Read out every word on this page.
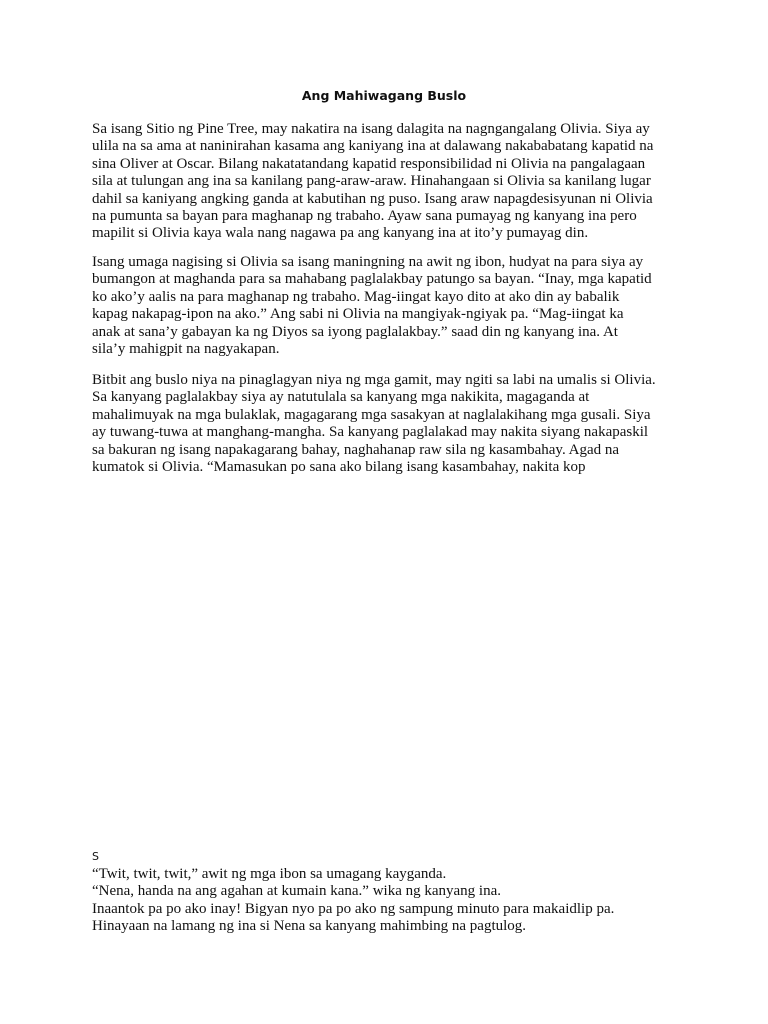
Ang Mahiwagang Buslo
Sa isang Sitio ng Pine Tree, may nakatira na isang dalagita na nagngangalang Olivia. Siya ay
ulila na sa ama at naninirahan kasama ang kaniyang ina at dalawang nakababatang kapatid na
sina Oliver at Oscar. Bilang nakatatandang kapatid responsibilidad ni Olivia na pangalagaan
sila at tulungan ang ina sa kanilang pang-araw-araw. Hinahangaan si Olivia sa kanilang lugar
dahil sa kaniyang angking ganda at kabutihan ng puso. Isang araw napagdesisyunan ni Olivia
na pumunta sa bayan para maghanap ng trabaho. Ayaw sana pumayag ng kanyang ina pero
mapilit si Olivia kaya wala nang nagawa pa ang kanyang ina at ito’y pumayag din.
Isang umaga nagising si Olivia sa isang maningning na awit ng ibon, hudyat na para siya ay
bumangon at maghanda para sa mahabang paglalakbay patungo sa bayan. “Inay, mga kapatid
ko ako’y aalis na para maghanap ng trabaho. Mag-iingat kayo dito at ako din ay babalik
kapag nakapag-ipon na ako.” Ang sabi ni Olivia na mangiyak-ngiyak pa. “Mag-iingat ka
anak at sana’y gabayan ka ng Diyos sa iyong paglalakbay.” saad din ng kanyang ina. At
sila’y mahigpit na nagyakapan.
Bitbit ang buslo niya na pinaglagyan niya ng mga gamit, may ngiti sa labi na umalis si Olivia.
Sa kanyang paglalakbay siya ay natutulala sa kanyang mga nakikita, magaganda at
mahalimuyak na mga bulaklak, magagarang mga sasakyan at naglalakihang mga gusali. Siya
ay tuwang-tuwa at manghang-mangha. Sa kanyang paglalakad may nakita siyang nakapaskil
sa bakuran ng isang napakagarang bahay, naghahanap raw sila ng kasambahay. Agad na
kumatok si Olivia. “Mamasukan po sana ako bilang isang kasambahay, nakita kop
S
“Twit, twit, twit,” awit ng mga ibon sa umagang kayganda.
“Nena, handa na ang agahan at kumain kana.” wika ng kanyang ina.
Inaantok pa po ako inay! Bigyan nyo pa po ako ng sampung minuto para makaidlip pa.
Hinayaan na lamang ng ina si Nena sa kanyang mahimbing na pagtulog.
